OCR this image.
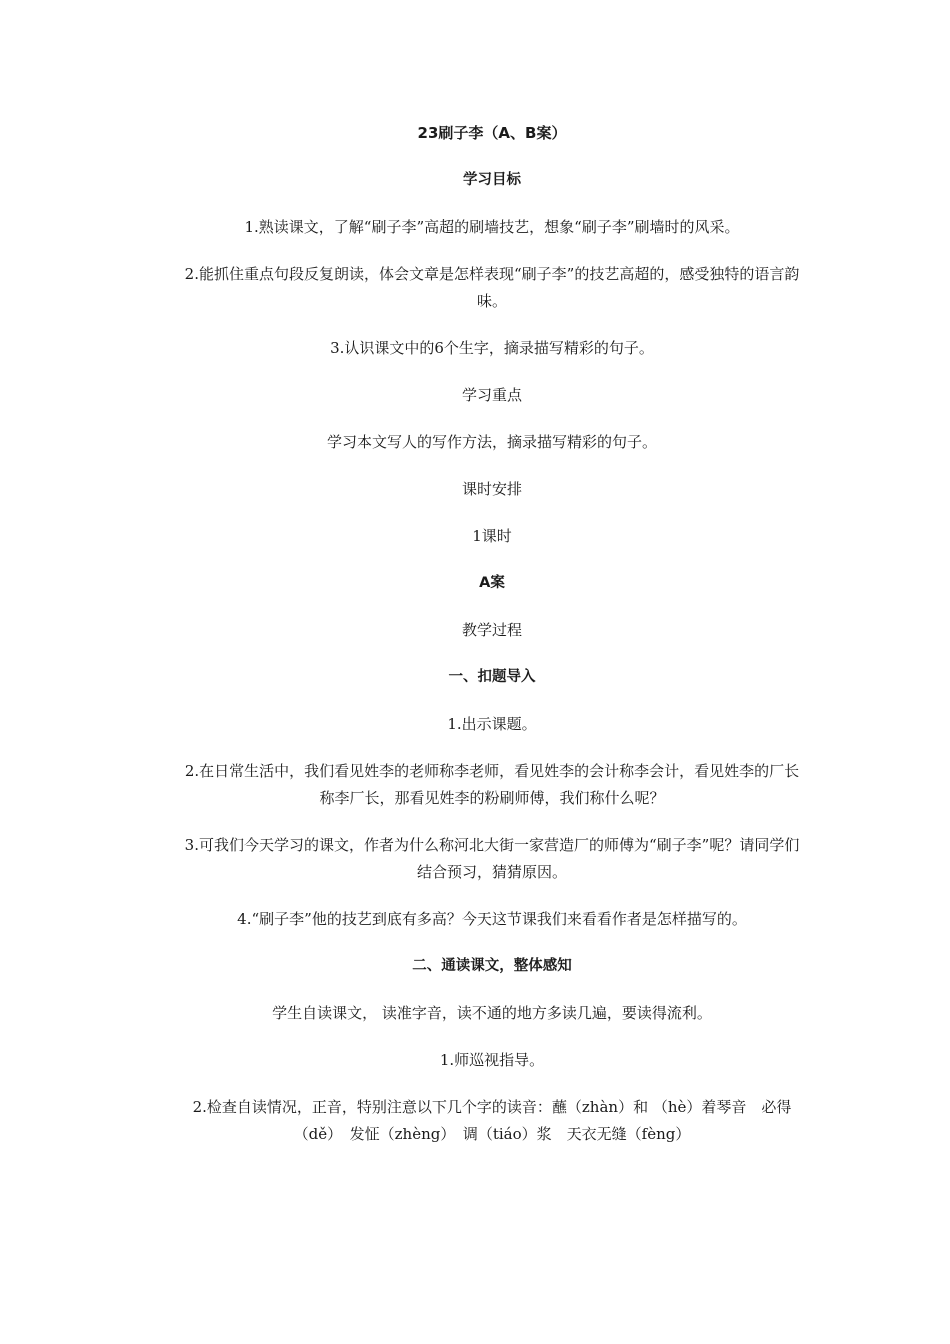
23刷子李（A、B案）

学习目标

1.熟读课文，了解“刷子李”高超的刷墙技艺，想象“刷子李”刷墙时的风采。

2.能抓住重点句段反复朗读，体会文章是怎样表现“刷子李”的技艺高超的，感受独特的语言韵味。

3.认识课文中的6个生字，摘录描写精彩的句子。

学习重点

学习本文写人的写作方法，摘录描写精彩的句子。

课时安排

1课时

A案

教学过程

一、扣题导入

1.出示课题。

2.在日常生活中，我们看见姓李的老师称李老师，看见姓李的会计称李会计，看见姓李的厂长称李厂长，那看见姓李的粉刷师傅，我们称什么呢？

3.可我们今天学习的课文，作者为什么称河北大街一家营造厂的师傅为“刷子李”呢？请同学们结合预习，猜猜原因。

4.“刷子李”他的技艺到底有多高？今天这节课我们来看看作者是怎样描写的。

二、通读课文，整体感知

学生自读课文， 读准字音，读不通的地方多读几遍，要读得流利。

1.师巡视指导。

2.检查自读情况，正音，特别注意以下几个字的读音：蘸（zhàn）和 （hè）着琴音　必得（dě）　发怔（zhèng）　调（tiáo）浆　天衣无缝（fèng）
